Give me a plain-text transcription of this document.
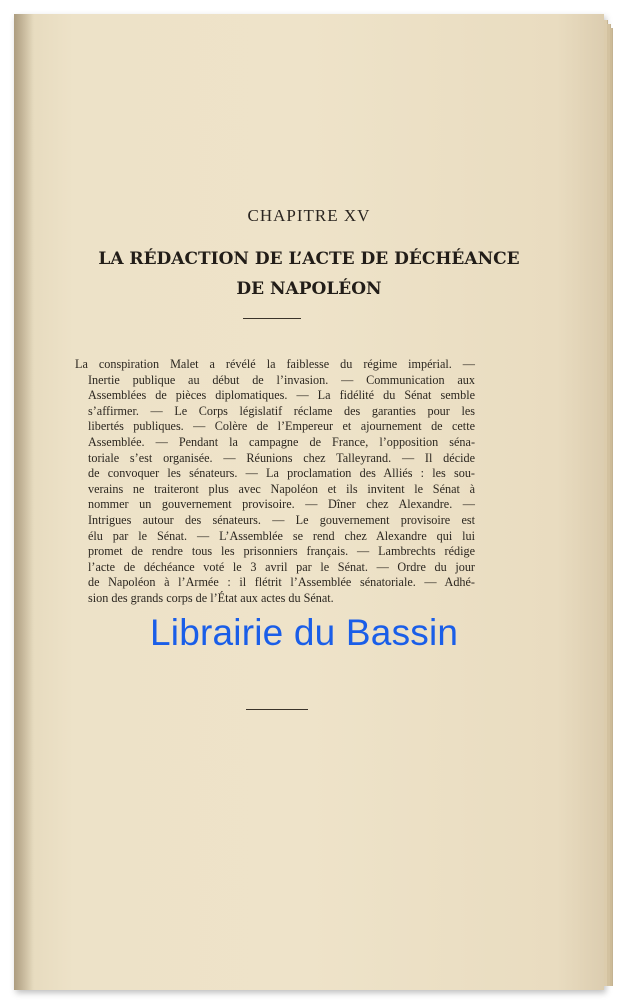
CHAPITRE XV
LA RÉDACTION DE L’ACTE DE DÉCHÉANCE
DE NAPOLÉON
La conspiration Malet a révélé la faiblesse du régime impérial. —
Inertie publique au début de l’invasion. — Communication aux
Assemblées de pièces diplomatiques. — La fidélité du Sénat semble
s’affirmer. — Le Corps législatif réclame des garanties pour les
libertés publiques. — Colère de l’Empereur et ajournement de cette
Assemblée. — Pendant la campagne de France, l’opposition séna-
toriale s’est organisée. — Réunions chez Talleyrand. — Il décide
de convoquer les sénateurs. — La proclamation des Alliés : les sou-
verains ne traiteront plus avec Napoléon et ils invitent le Sénat à
nommer un gouvernement provisoire. — Dîner chez Alexandre. —
Intrigues autour des sénateurs. — Le gouvernement provisoire est
élu par le Sénat. — L’Assemblée se rend chez Alexandre qui lui
promet de rendre tous les prisonniers français. — Lambrechts rédige
l’acte de déchéance voté le 3 avril par le Sénat. — Ordre du jour
de Napoléon à l’Armée : il flétrit l’Assemblée sénatoriale. — Adhé-
sion des grands corps de l’État aux actes du Sénat.
Librairie du Bassin
